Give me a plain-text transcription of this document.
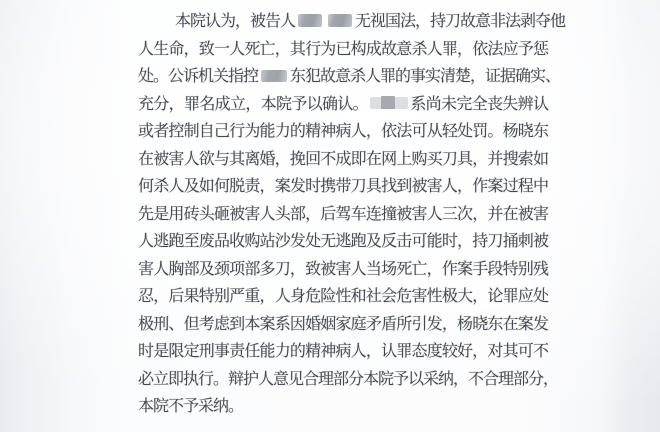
本院认为，被告人	无视国法，持刀故意非法剥夺他
人生命，致一人死亡，其行为已构成故意杀人罪，依法应予惩
处。公诉机关指控 东犯故意杀人罪的事实清楚，证据确实、
充分，罪名成立，本院予以确认。	系尚未完全丧失辨认
或者控制自己行为能力的精神病人，依法可从轻处罚。杨晓东
在被害人欲与其离婚，挽回不成即在网上购买刀具，并搜索如
何杀人及如何脱责，案发时携带刀具找到被害人，作案过程中
先是用砖头砸被害人头部，后驾车连撞被害人三次，并在被害
人逃跑至废品收购站沙发处无逃跑及反击可能时，持刀捅刺被
害人胸部及颈项部多刀，致被害人当场死亡，作案手段特别残
忍，后果特别严重，人身危险性和社会危害性极大，论罪应处
极刑、但考虑到本案系因婚姻家庭矛盾所引发，杨晓东在案发
时是限定刑事责任能力的精神病人，认罪态度较好，对其可不
必立即执行。辩护人意见合理部分本院予以采纳，不合理部分，
本院不予采纳。
